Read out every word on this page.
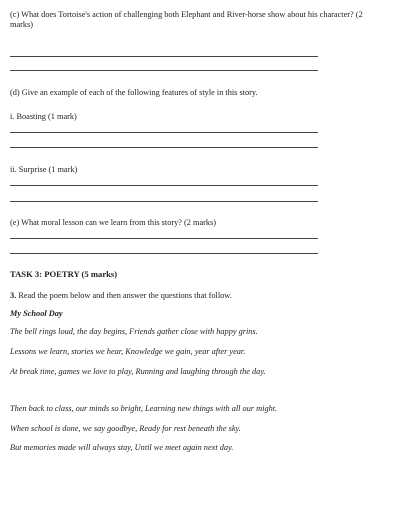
(c) What does Tortoise's action of challenging both Elephant and River-horse show about his character? (2 marks)
(d) Give an example of each of the following features of style in this story.
i. Boasting (1 mark)
ii. Surprise (1 mark)
(e) What moral lesson can we learn from this story? (2 marks)
TASK 3: POETRY (5 marks)
3. Read the poem below and then answer the questions that follow.
My School Day
The bell rings loud, the day begins, Friends gather close with happy grins.
Lessons we learn, stories we hear, Knowledge we gain, year after year.
At break time, games we love to play, Running and laughing through the day.
Then back to class, our minds so bright, Learning new things with all our might.
When school is done, we say goodbye, Ready for rest beneath the sky.
But memories made will always stay, Until we meet again next day.
